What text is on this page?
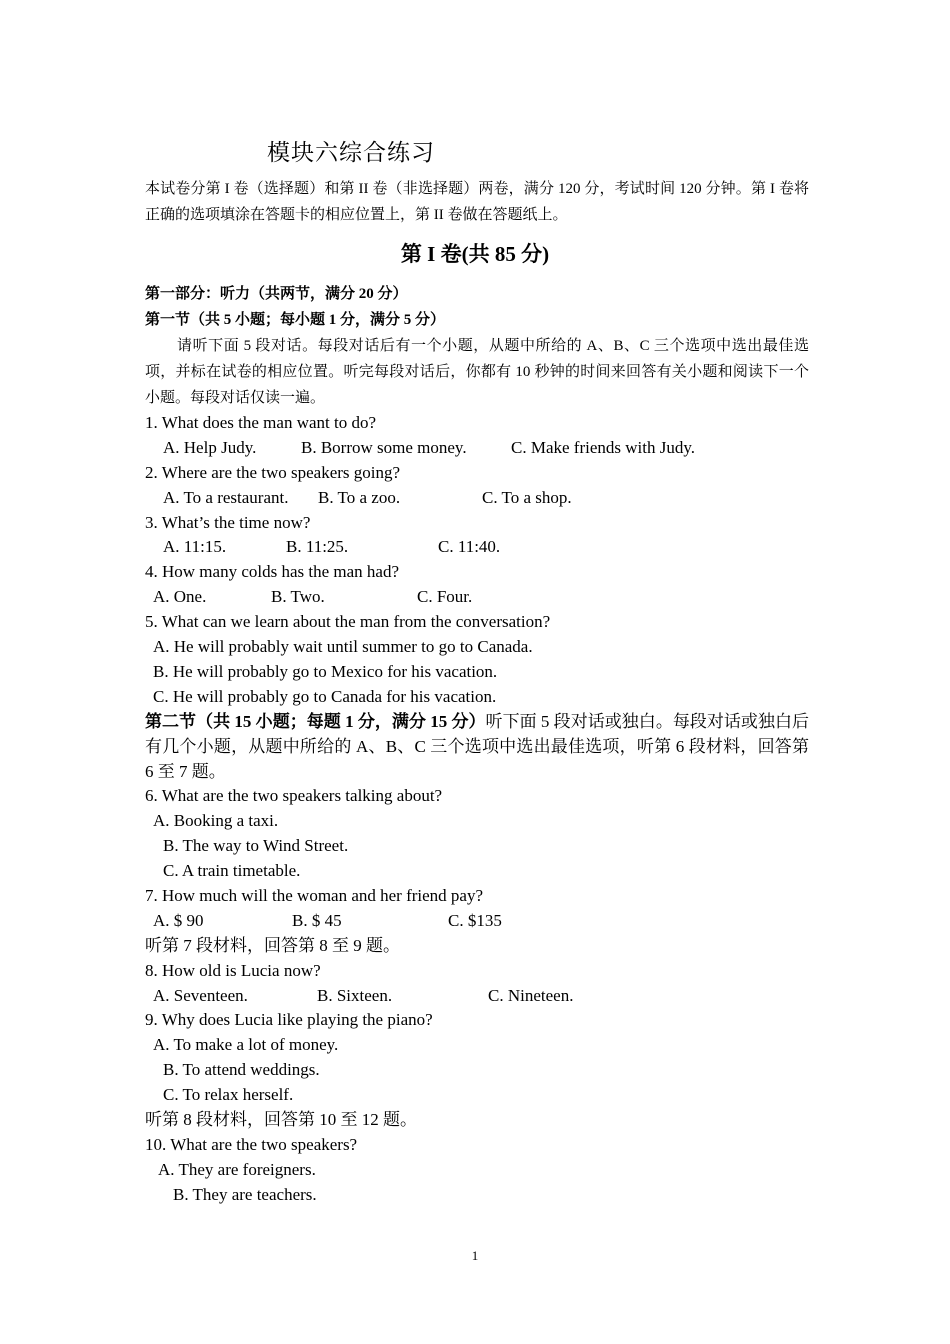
模块六综合练习
本试卷分第 I 卷（选择题）和第 II 卷（非选择题）两卷，满分 120 分，考试时间 120 分钟。第 I 卷将正确的选项填涂在答题卡的相应位置上，第 II 卷做在答题纸上。
第 I 卷(共 85 分)
第一部分：听力（共两节，满分 20 分）
第一节（共 5 小题；每小题 1 分，满分 5 分）
请听下面 5 段对话。每段对话后有一个小题，从题中所给的 A、B、C 三个选项中选出最佳选项，并标在试卷的相应位置。听完每段对话后，你都有 10 秒钟的时间来回答有关小题和阅读下一个小题。每段对话仅读一遍。
1. What does the man want to do?
A. Help Judy.	B. Borrow some money.	C. Make friends with Judy.
2. Where are the two speakers going?
A. To a restaurant. B. To a zoo.	C. To a shop.
3. What’s the time now?
A. 11:15.	B. 11:25.	C. 11:40.
4. How many colds has the man had?
A. One.	B. Two.	C. Four.
5. What can we learn about the man from the conversation?
A. He will probably wait until summer to go to Canada.
B. He will probably go to Mexico for his vacation.
C. He will probably go to Canada for his vacation.
第二节（共 15 小题；每题 1 分，满分 15 分）听下面 5 段对话或独白。每段对话或独白后有几个小题，从题中所给的 A、B、C 三个选项中选出最佳选项，听第 6 段材料，回答第 6 至 7 题。
6. What are the two speakers talking about?
A. Booking a taxi.
B. The way to Wind Street.
C. A train timetable.
7. How much will the woman and her friend pay?
A. $ 90	B. $ 45	C. $135
听第 7 段材料，回答第 8 至 9 题。
8. How old is Lucia now?
A. Seventeen.	B. Sixteen.	C. Nineteen.
9. Why does Lucia like playing the piano?
A. To make a lot of money.
B. To attend weddings.
C. To relax herself.
听第 8 段材料，回答第 10 至 12 题。
10. What are the two speakers?
A. They are foreigners.
B. They are teachers.
1
